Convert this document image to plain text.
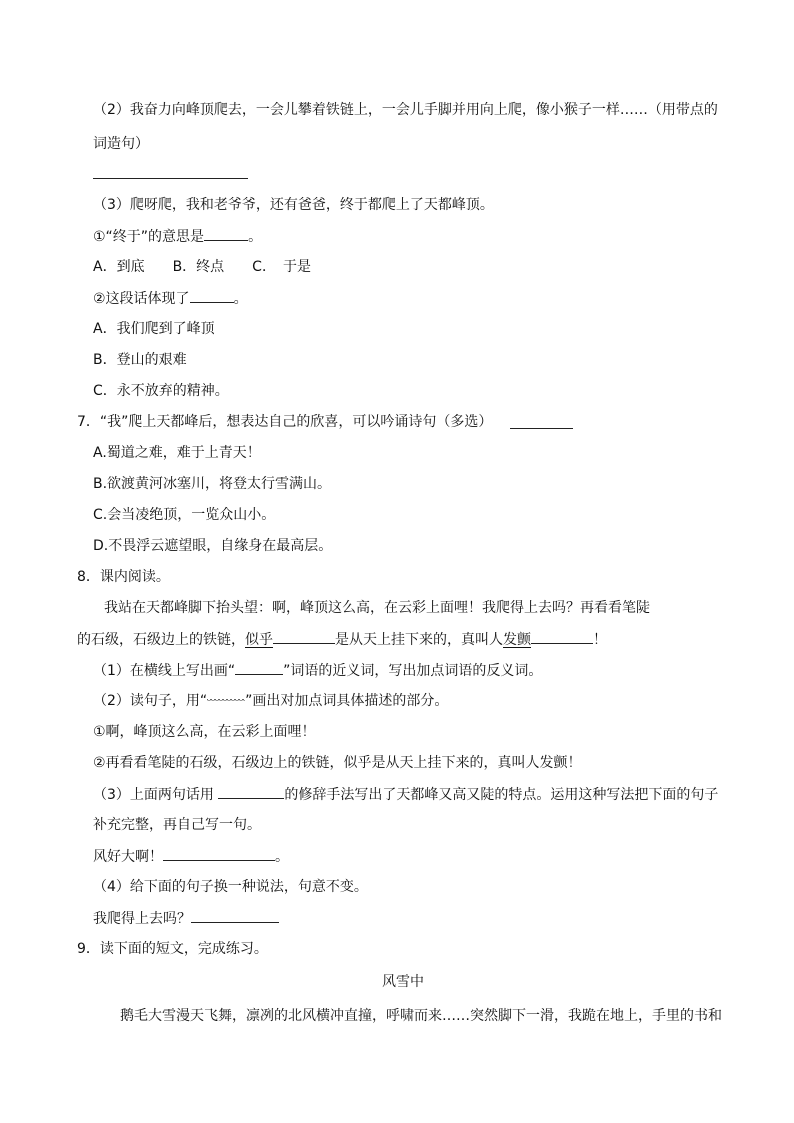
（2）我奋力向峰顶爬去，一会儿攀着铁链上，一会儿手脚并用向上爬，像小猴子一样……（用带点的
词造句）
（3）爬呀爬，我和老爷爷，还有爸爸，终于都爬上了天都峰顶。
①“终于”的意思是	。
A．到底　　B．终点　　C．　于是
②这段话体现了	。
A．我们爬到了峰顶
B．登山的艰难
C．永不放弃的精神。
7．“我”爬上天都峰后，想表达自己的欣喜，可以吟诵诗句（多选）
A.蜀道之难，难于上青天！
B.欲渡黄河冰塞川，将登太行雪满山。
C.会当凌绝顶，一览众山小。
D.不畏浮云遮望眼，自缘身在最高层。
8．课内阅读。
我站在天都峰脚下抬头望：啊，峰顶这么高，在云彩上面哩！我爬得上去吗？再看看笔陡
的石级，石级边上的铁链，似乎	是从天上挂下来的，真叫人发颤	！
（1）在横线上写出画“	”词语的近义词，写出加点词语的反义词。
（2）读句子，用“	”画出对加点词具体描述的部分。
①啊，峰顶这么高，在云彩上面哩！
②再看看笔陡的石级，石级边上的铁链，似乎是从天上挂下来的，真叫人发颤！
（3）上面两句话用	的修辞手法写出了天都峰又高又陡的特点。运用这种写法把下面的句子
补充完整，再自己写一句。
风好大啊！	。
（4）给下面的句子换一种说法，句意不变。
我爬得上去吗？
9．读下面的短文，完成练习。
风雪中
鹅毛大雪漫天飞舞，凛冽的北风横冲直撞，呼啸而来……突然脚下一滑，我跪在地上，手里的书和
